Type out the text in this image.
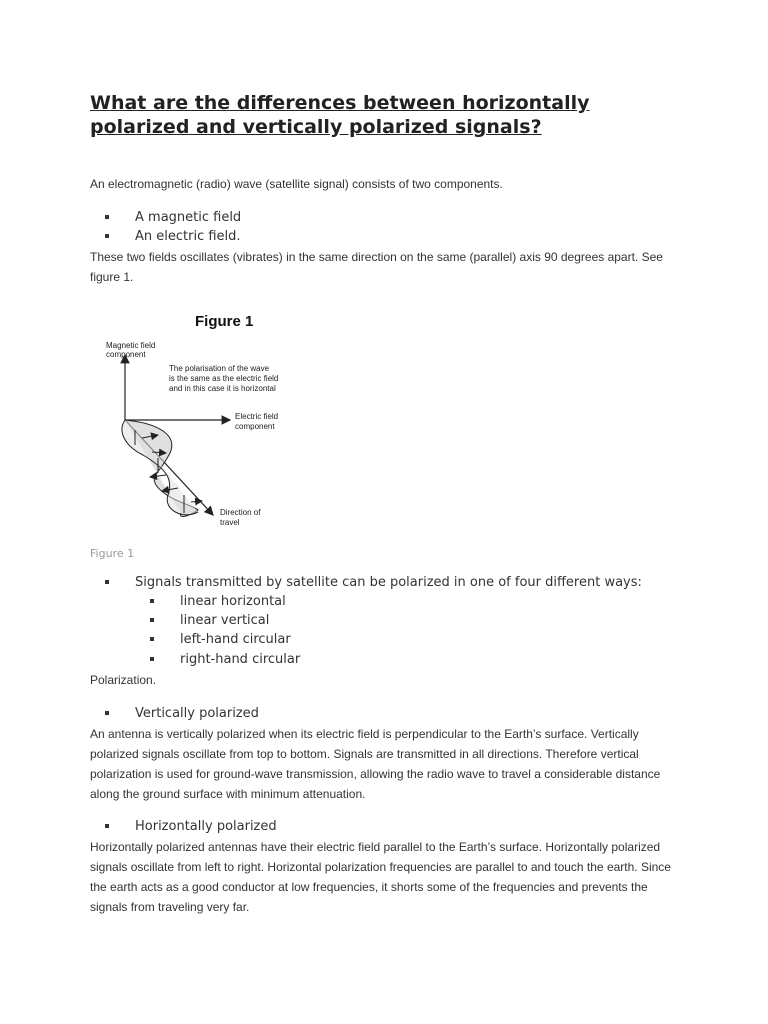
What are the differences between horizontally polarized and vertically polarized signals?

An electromagnetic (radio) wave (satellite signal) consists of two components.

A magnetic field
An electric field.

These two fields oscillates (vibrates) in the same direction on the same (parallel) axis 90 degrees apart. See figure 1.

Figure 1
Magnetic field
component
The polarisation of the wave
is the same as the electric field
and in this case it is horizontal
Electric field
component
Direction of
travel
Figure 1
Signals transmitted by satellite can be polarized in one of four different ways:
linear horizontal
linear vertical
left-hand circular
right-hand circular

Polarization.

Vertically polarized

An antenna is vertically polarized when its electric field is perpendicular to the Earth’s surface. Vertically polarized signals oscillate from top to bottom. Signals are transmitted in all directions. Therefore vertical polarization is used for ground-wave transmission, allowing the radio wave to travel a considerable distance along the ground surface with minimum attenuation.

Horizontally polarized

Horizontally polarized antennas have their electric field parallel to the Earth’s surface. Horizontally polarized signals oscillate from left to right. Horizontal polarization frequencies are parallel to and touch the earth. Since the earth acts as a good conductor at low frequencies, it shorts some of the frequencies and prevents the signals from traveling very far.
